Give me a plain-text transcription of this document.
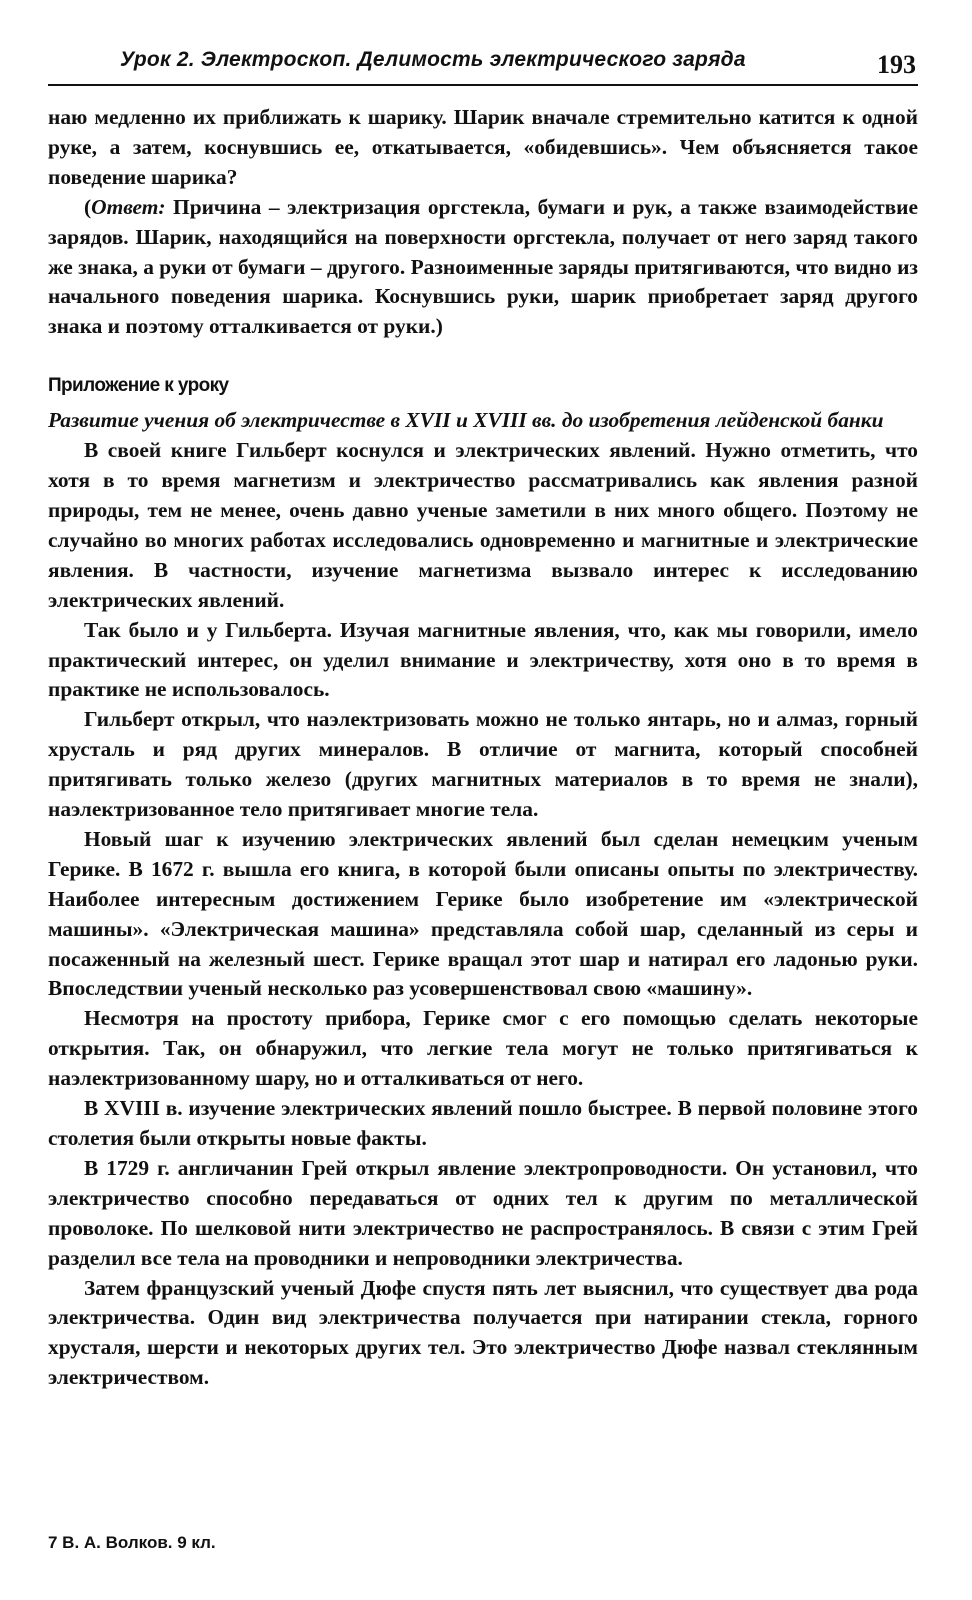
Урок 2. Электроскоп. Делимость электрического заряда	193

наю медленно их приближать к шарику. Шарик вначале стремительно катится к одной руке, а затем, коснувшись ее, откатывается, «обидевшись». Чем объясняется такое поведение шарика?

(Ответ: Причина – электризация оргстекла, бумаги и рук, а также взаимодействие зарядов. Шарик, находящийся на поверхности оргстекла, получает от него заряд такого же знака, а руки от бумаги – другого. Разноименные заряды притягиваются, что видно из начального поведения шарика. Коснувшись руки, шарик приобретает заряд другого знака и поэтому отталкивается от руки.)

Приложение к уроку

Развитие учения об электричестве в XVII и XVIII вв. до изобретения лейденской банки

В своей книге Гильберт коснулся и электрических явлений. Нужно отметить, что хотя в то время магнетизм и электричество рассматривались как явления разной природы, тем не менее, очень давно ученые заметили в них много общего. Поэтому не случайно во многих работах исследовались одновременно и магнитные и электрические явления. В частности, изучение магнетизма вызвало интерес к исследованию электрических явлений.

Так было и у Гильберта. Изучая магнитные явления, что, как мы говорили, имело практический интерес, он уделил внимание и электричеству, хотя оно в то время в практике не использовалось.

Гильберт открыл, что наэлектризовать можно не только янтарь, но и алмаз, горный хрусталь и ряд других минералов. В отличие от магнита, который способней притягивать только железо (других магнитных материалов в то время не знали), наэлектризованное тело притягивает многие тела.

Новый шаг к изучению электрических явлений был сделан немецким ученым Герике. В 1672 г. вышла его книга, в которой были описаны опыты по электричеству. Наиболее интересным достижением Герике было изобретение им «электрической машины». «Электрическая машина» представляла собой шар, сделанный из серы и посаженный на железный шест. Герике вращал этот шар и натирал его ладонью руки. Впоследствии ученый несколько раз усовершенствовал свою «машину».

Несмотря на простоту прибора, Герике смог с его помощью сделать некоторые открытия. Так, он обнаружил, что легкие тела могут не только притягиваться к наэлектризованному шару, но и отталкиваться от него.

В XVIII в. изучение электрических явлений пошло быстрее. В первой половине этого столетия были открыты новые факты.

В 1729 г. англичанин Грей открыл явление электропроводности. Он установил, что электричество способно передаваться от одних тел к другим по металлической проволоке. По шелковой нити электричество не распространялось. В связи с этим Грей разделил все тела на проводники и непроводники электричества.

Затем французский ученый Дюфе спустя пять лет выяснил, что существует два рода электричества. Один вид электричества получается при натирании стекла, горного хрусталя, шерсти и некоторых других тел. Это электричество Дюфе назвал стеклянным электричеством.

7 В. А. Волков. 9 кл.
